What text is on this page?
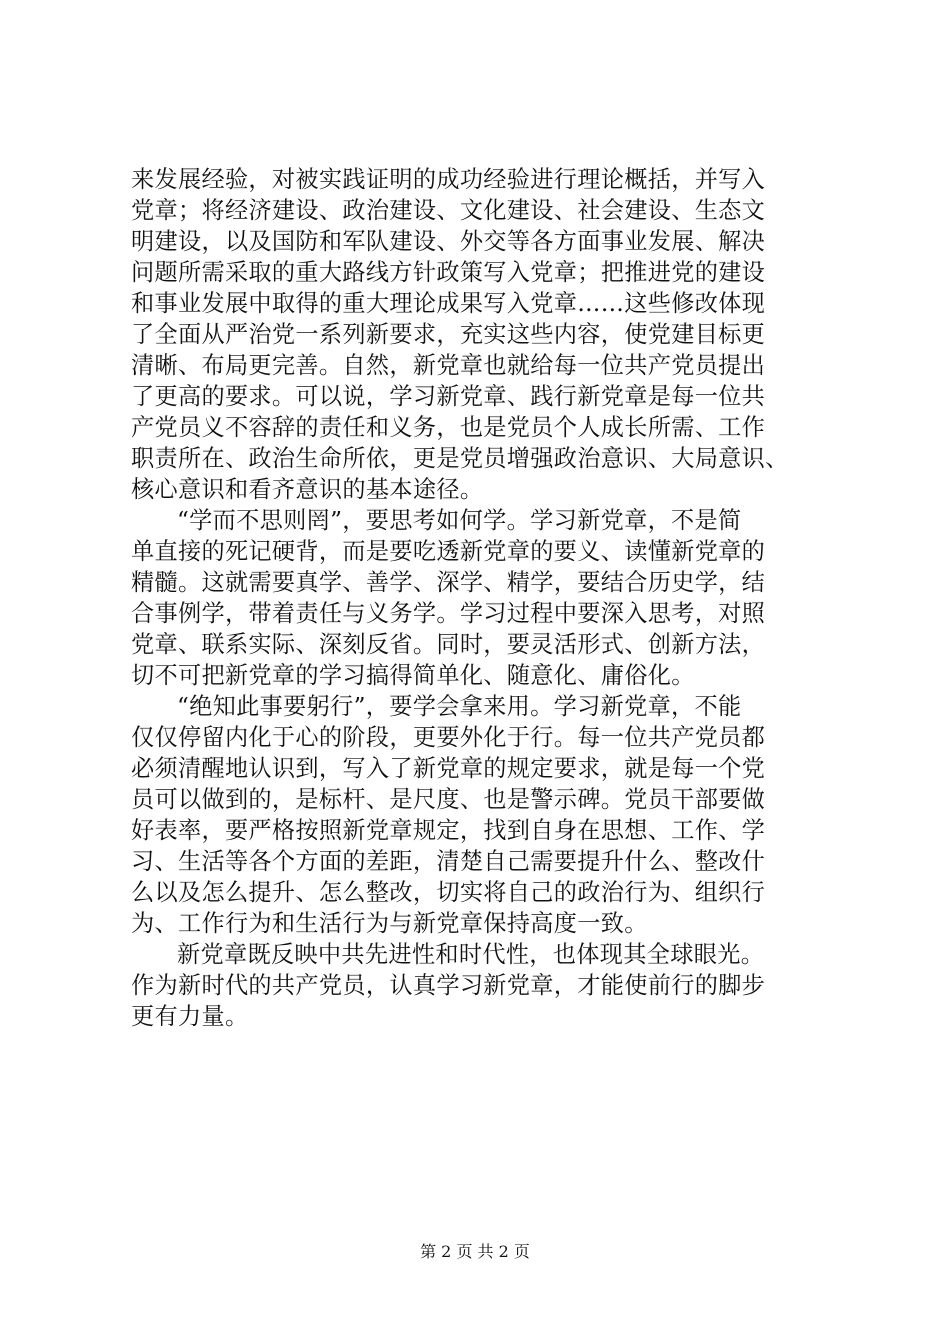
来发展经验，对被实践证明的成功经验进行理论概括，并写入
党章；将经济建设、政治建设、文化建设、社会建设、生态文
明建设，以及国防和军队建设、外交等各方面事业发展、解决
问题所需采取的重大路线方针政策写入党章；把推进党的建设
和事业发展中取得的重大理论成果写入党章……这些修改体现
了全面从严治党一系列新要求，充实这些内容，使党建目标更
清晰、布局更完善。自然，新党章也就给每一位共产党员提出
了更高的要求。可以说，学习新党章、践行新党章是每一位共
产党员义不容辞的责任和义务，也是党员个人成长所需、工作
职责所在、政治生命所依，更是党员增强政治意识、大局意识、
核心意识和看齐意识的基本途径。
“学而不思则罔”，要思考如何学。学习新党章，不是简
单直接的死记硬背，而是要吃透新党章的要义、读懂新党章的
精髓。这就需要真学、善学、深学、精学，要结合历史学，结
合事例学，带着责任与义务学。学习过程中要深入思考，对照
党章、联系实际、深刻反省。同时，要灵活形式、创新方法，
切不可把新党章的学习搞得简单化、随意化、庸俗化。
“绝知此事要躬行”，要学会拿来用。学习新党章，不能
仅仅停留内化于心的阶段，更要外化于行。每一位共产党员都
必须清醒地认识到，写入了新党章的规定要求，就是每一个党
员可以做到的，是标杆、是尺度、也是警示碑。党员干部要做
好表率，要严格按照新党章规定，找到自身在思想、工作、学
习、生活等各个方面的差距，清楚自己需要提升什么、整改什
么以及怎么提升、怎么整改，切实将自己的政治行为、组织行
为、工作行为和生活行为与新党章保持高度一致。
新党章既反映中共先进性和时代性，也体现其全球眼光。
作为新时代的共产党员，认真学习新党章，才能使前行的脚步
更有力量。
第 2 页 共 2 页
